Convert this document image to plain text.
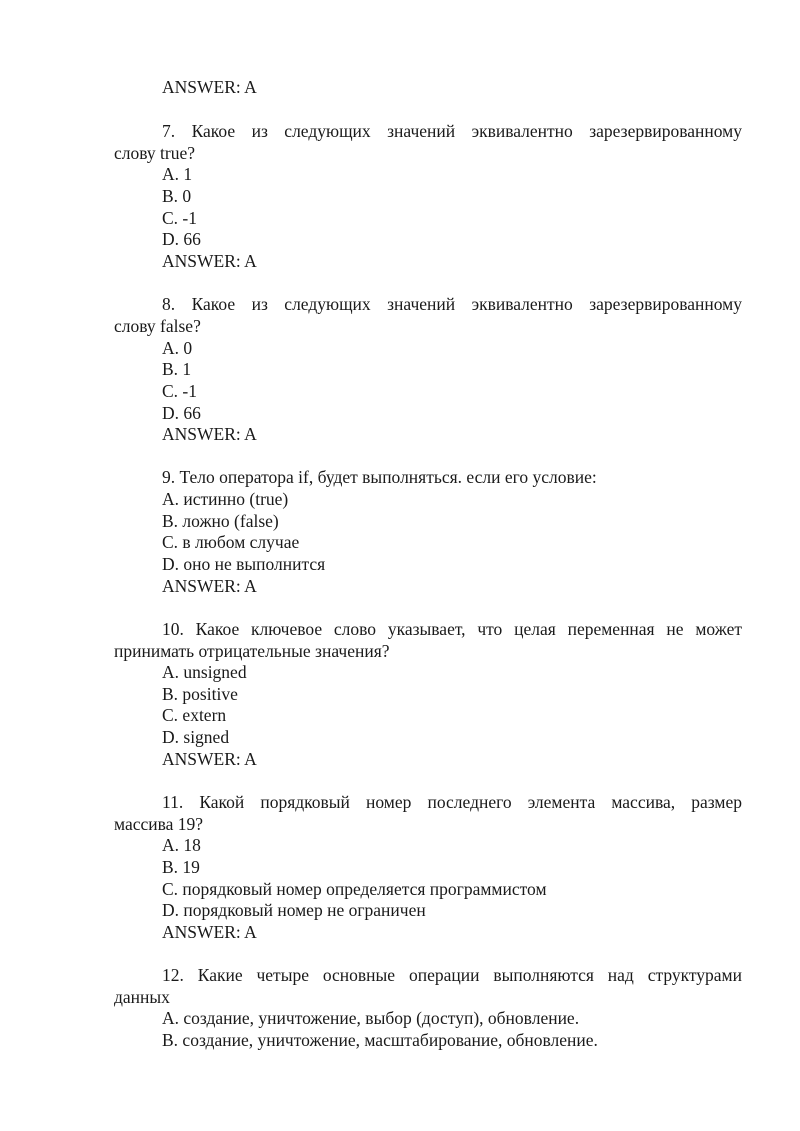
ANSWER: A
7. Какое из следующих значений эквивалентно зарезервированному
слову true?
A. 1
B. 0
C. -1
D. 66
ANSWER: A
8. Какое из следующих значений эквивалентно зарезервированному
слову false?
A. 0
B. 1
C. -1
D. 66
ANSWER: A
9. Тело оператора if, будет выполняться. если его условие:
A. истинно (true)
B. ложно (false)
C. в любом случае
D. оно не выполнится
ANSWER: A
10. Какое ключевое слово указывает, что целая переменная не может
принимать отрицательные значения?
A. unsigned
B. positive
C. extern
D. signed
ANSWER: A
11. Какой порядковый номер последнего элемента массива, размер
массива 19?
A. 18
B. 19
C. порядковый номер определяется программистом
D. порядковый номер не ограничен
ANSWER: A
12. Какие четыре основные операции выполняются над структурами
данных
A. создание, уничтожение, выбор (доступ), обновление.
B. создание, уничтожение, масштабирование, обновление.
